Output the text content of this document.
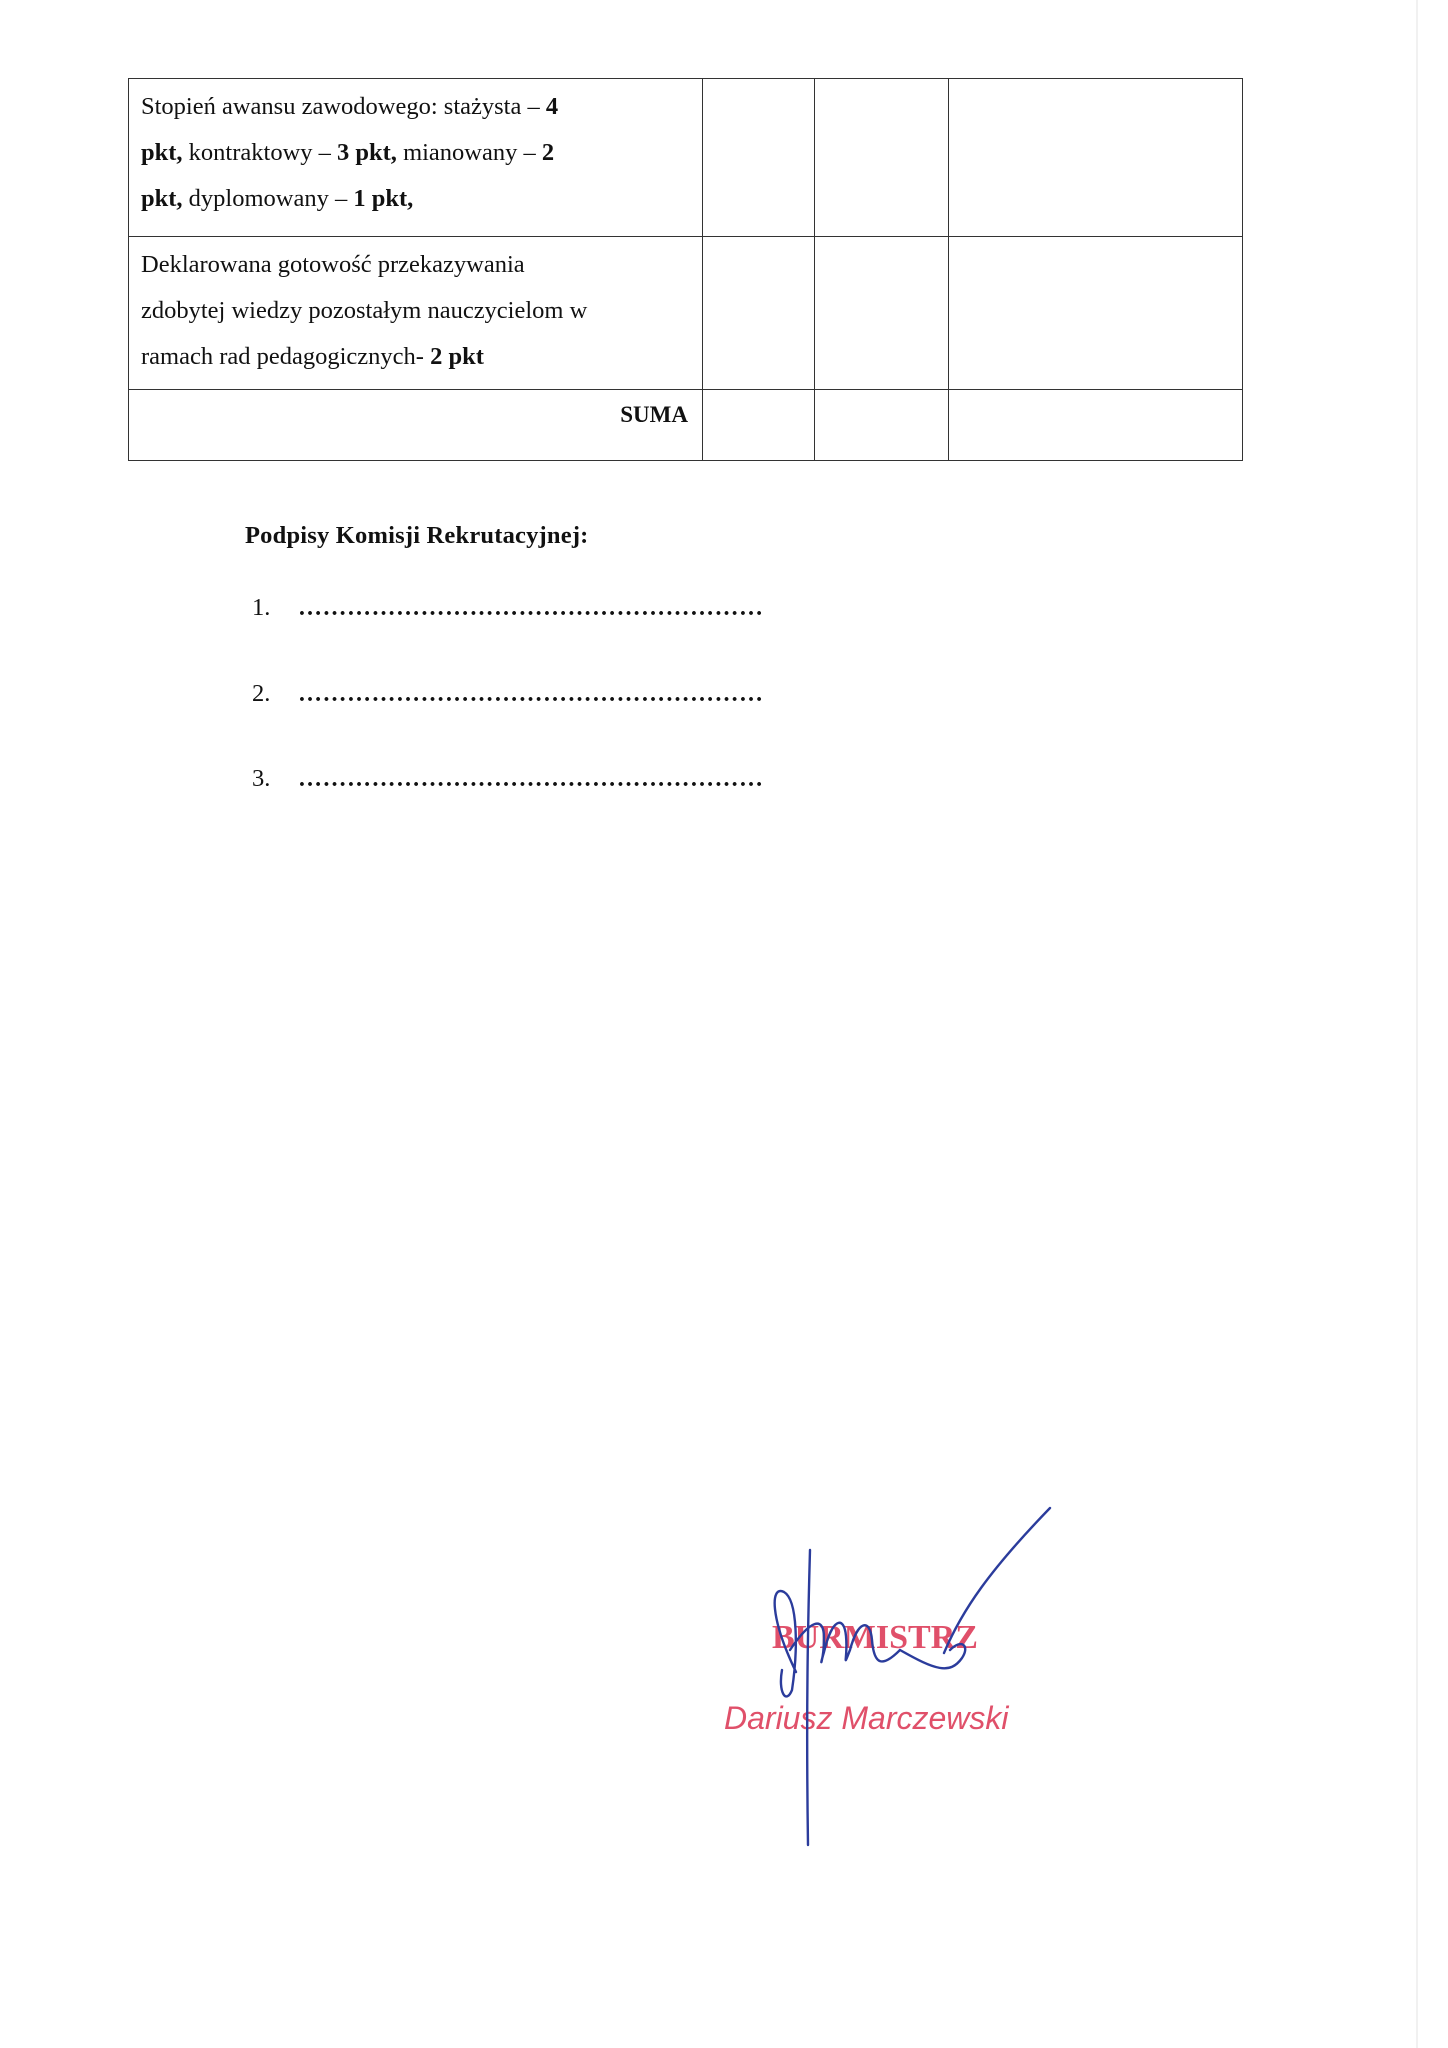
Stopień awansu zawodowego: stażysta – 4
pkt, kontraktowy – 3 pkt, mianowany – 2
pkt, dyplomowany – 1 pkt,			

Deklarowana gotowość przekazywania
zdobytej wiedzy pozostałym nauczycielom w
ramach rad pedagogicznych- 2 pkt			

SUMA			
Podpisy Komisji Rekrutacyjnej:
1.	…………………………………………………
2.	…………………………………………………
3.	…………………………………………………
BURMISTRZ
Dariusz Marczewski
